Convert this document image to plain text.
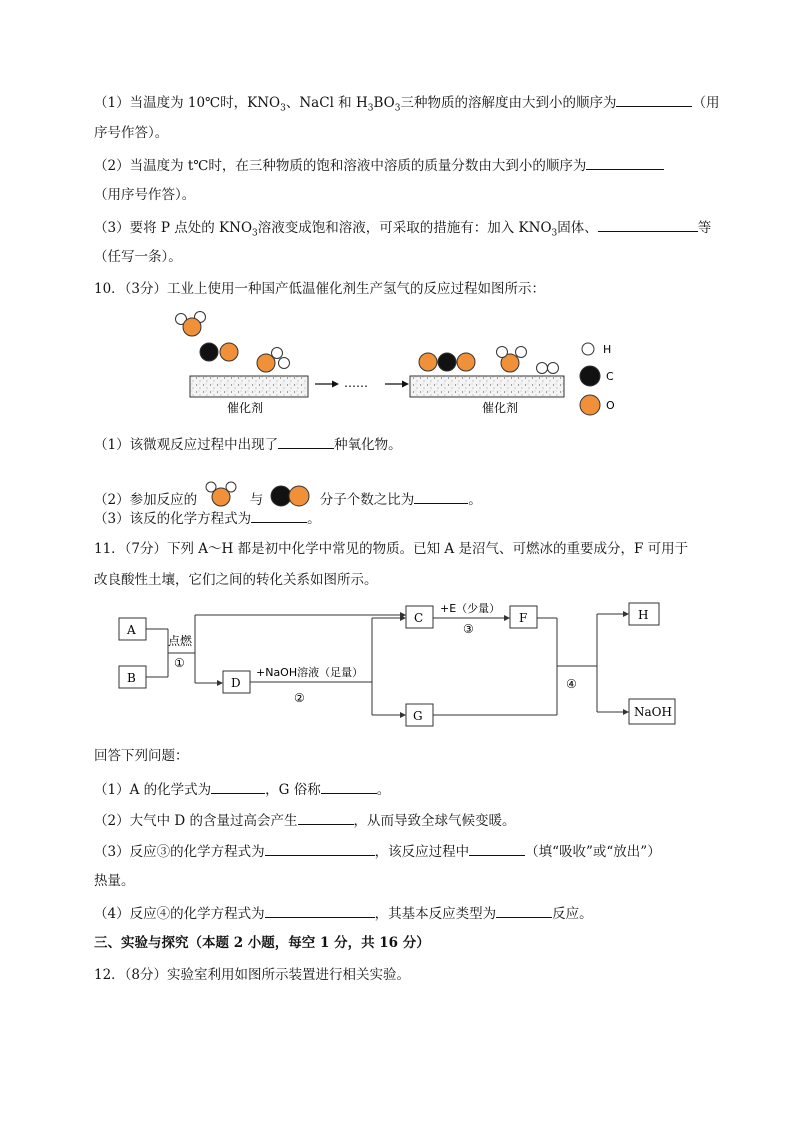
（1）当温度为 10℃时，$KNO_3$、NaCl 和 $H_3BO_3$三种物质的溶解度由大到小的顺序为	（用
序号作答）。
（2）当温度为 t℃时，在三种物质的饱和溶液中溶质的质量分数由大到小的顺序为
（用序号作答）。
（3）要将 P 点处的 $KNO_3$溶液变成饱和溶液，可采取的措施有：加入 $KNO_3$固体、	等
（任写一条）。
10．（3分）工业上使用一种国产低温催化剂生产氢气的反应过程如图所示：
催化剂
……
催化剂
H
C
O
（1）该微观反应过程中出现了	种氧化物。
（2）参加反应的	与	分子个数之比为	。
（3）该反的化学方程式为	。
11．（7分）下列 A～H 都是初中化学中常见的物质。已知 A 是沼气、可燃冰的重要成分，F 可用于
改良酸性土壤，它们之间的转化关系如图所示。
A
B
C
D
F
G
H
NaOH
点燃
①
+NaOH溶液（足量）
②
+E（少量）
③
④
回答下列问题：
（1）A 的化学式为	，G 俗称	。
（2）大气中 D 的含量过高会产生	，从而导致全球气候变暖。
（3）反应③的化学方程式为	，该反应过程中	（填“吸收”或“放出”）
热量。
（4）反应④的化学方程式为	，其基本反应类型为	反应。
三、实验与探究（本题 2 小题，每空 1 分，共 16 分）
12．（8分）实验室利用如图所示装置进行相关实验。
